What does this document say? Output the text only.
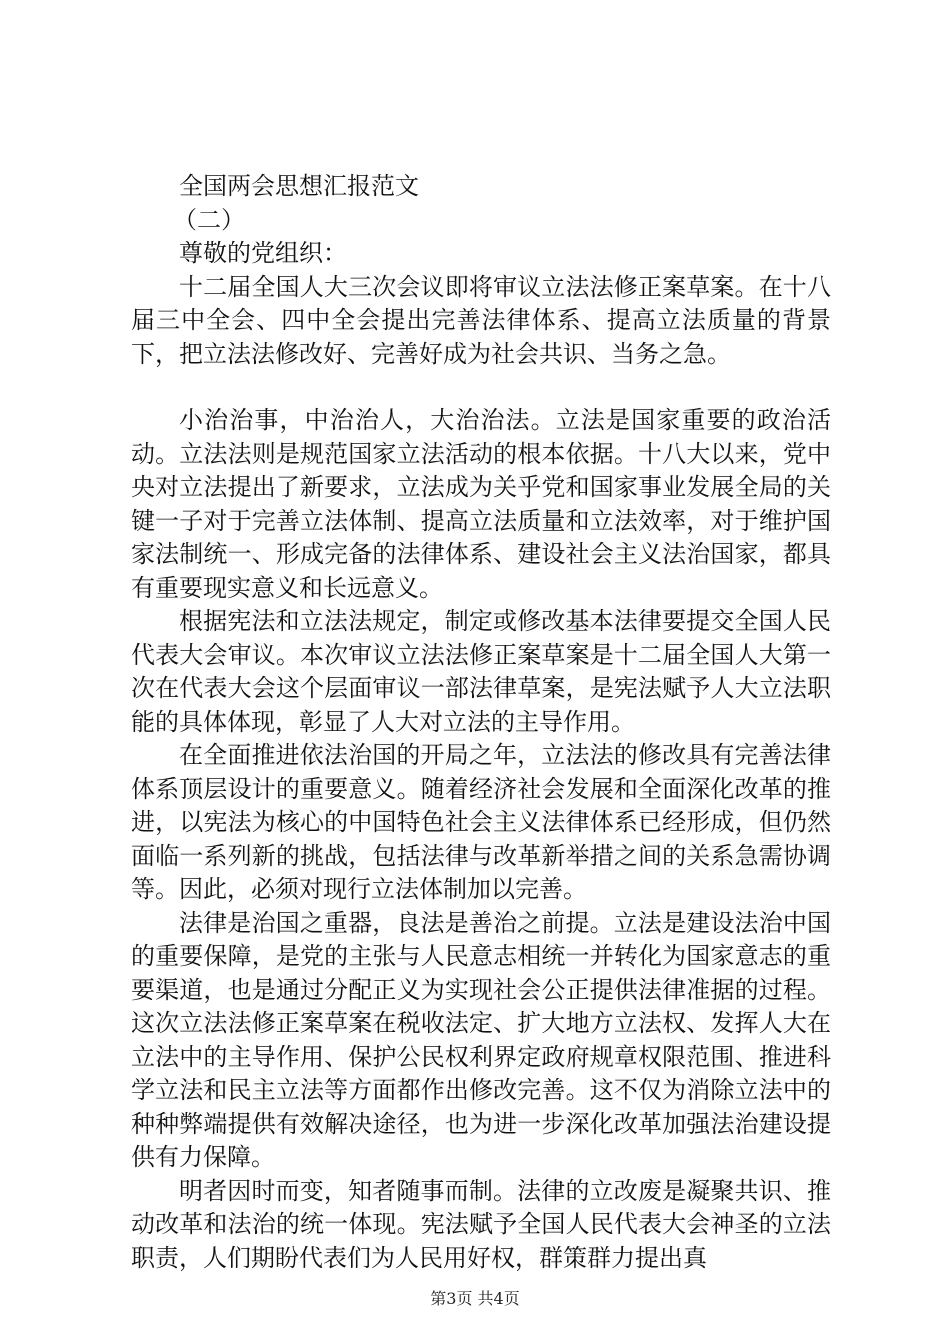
全国两会思想汇报范文

（二）

尊敬的党组织：

十二届全国人大三次会议即将审议立法法修正案草案。在十八届三中全会、四中全会提出完善法律体系、提高立法质量的背景下，把立法法修改好、完善好成为社会共识、当务之急。

小治治事，中治治人，大治治法。立法是国家重要的政治活动。立法法则是规范国家立法活动的根本依据。十八大以来，党中央对立法提出了新要求，立法成为关乎党和国家事业发展全局的关键一子对于完善立法体制、提高立法质量和立法效率，对于维护国家法制统一、形成完备的法律体系、建设社会主义法治国家，都具有重要现实意义和长远意义。

根据宪法和立法法规定，制定或修改基本法律要提交全国人民代表大会审议。本次审议立法法修正案草案是十二届全国人大第一次在代表大会这个层面审议一部法律草案，是宪法赋予人大立法职能的具体体现，彰显了人大对立法的主导作用。

在全面推进依法治国的开局之年，立法法的修改具有完善法律体系顶层设计的重要意义。随着经济社会发展和全面深化改革的推进，以宪法为核心的中国特色社会主义法律体系已经形成，但仍然面临一系列新的挑战，包括法律与改革新举措之间的关系急需协调等。因此，必须对现行立法体制加以完善。

法律是治国之重器，良法是善治之前提。立法是建设法治中国的重要保障，是党的主张与人民意志相统一并转化为国家意志的重要渠道，也是通过分配正义为实现社会公正提供法律准据的过程。这次立法法修正案草案在税收法定、扩大地方立法权、发挥人大在立法中的主导作用、保护公民权利界定政府规章权限范围、推进科学立法和民主立法等方面都作出修改完善。这不仅为消除立法中的种种弊端提供有效解决途径，也为进一步深化改革加强法治建设提供有力保障。

明者因时而变，知者随事而制。法律的立改废是凝聚共识、推动改革和法治的统一体现。宪法赋予全国人民代表大会神圣的立法职责，人们期盼代表们为人民用好权，群策群力提出真

第3页 共4页
